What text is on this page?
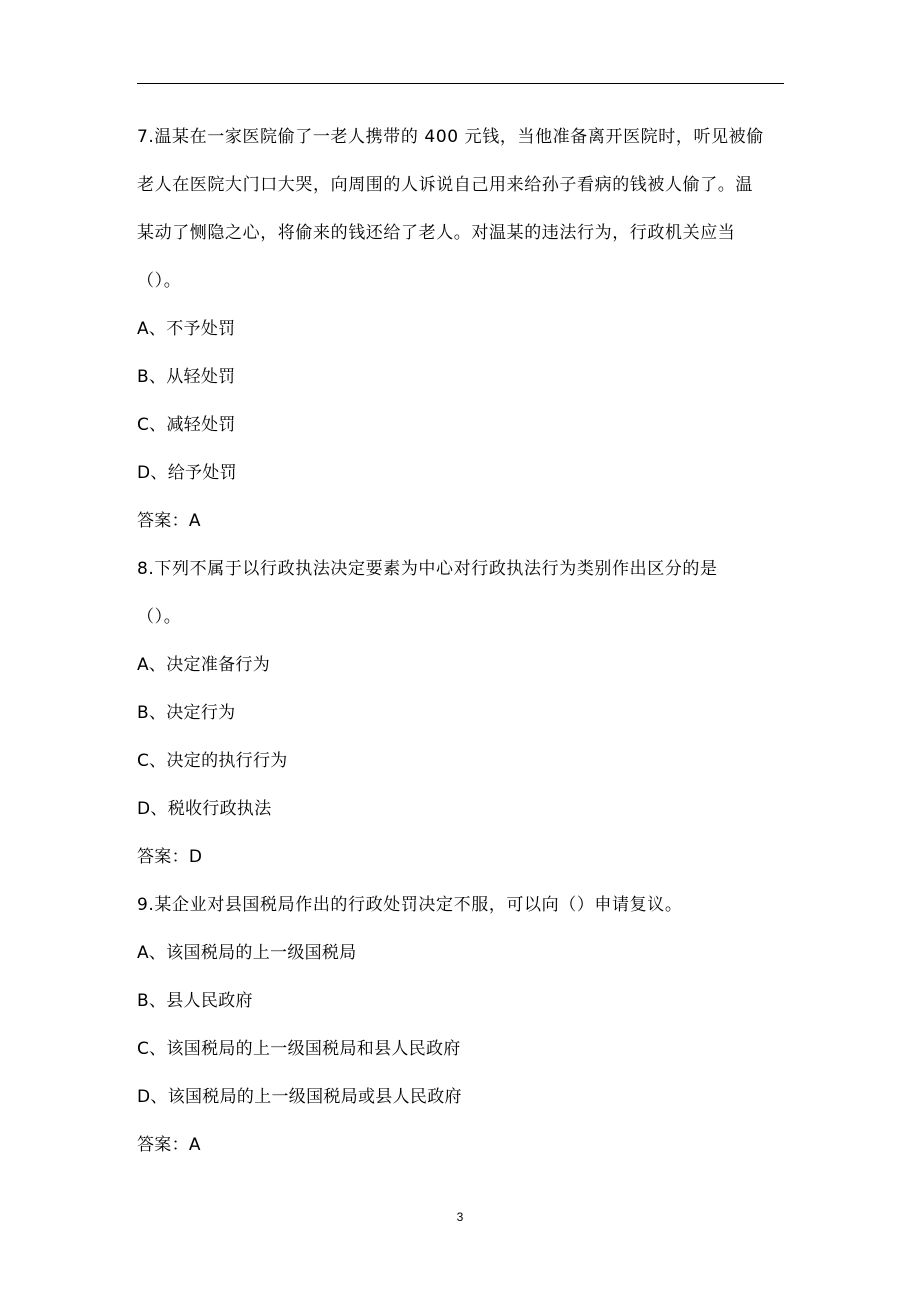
7.温某在一家医院偷了一老人携带的 400 元钱，当他准备离开医院时，听见被偷
老人在医院大门口大哭，向周围的人诉说自己用来给孙子看病的钱被人偷了。温
某动了恻隐之心，将偷来的钱还给了老人。对温某的违法行为，行政机关应当
（）。
A、不予处罚
B、从轻处罚
C、减轻处罚
D、给予处罚
答案：A
8.下列不属于以行政执法决定要素为中心对行政执法行为类别作出区分的是
（）。
A、决定准备行为
B、决定行为
C、决定的执行行为
D、税收行政执法
答案：D
9.某企业对县国税局作出的行政处罚决定不服，可以向（）申请复议。
A、该国税局的上一级国税局
B、县人民政府
C、该国税局的上一级国税局和县人民政府
D、该国税局的上一级国税局或县人民政府
答案：A
3
